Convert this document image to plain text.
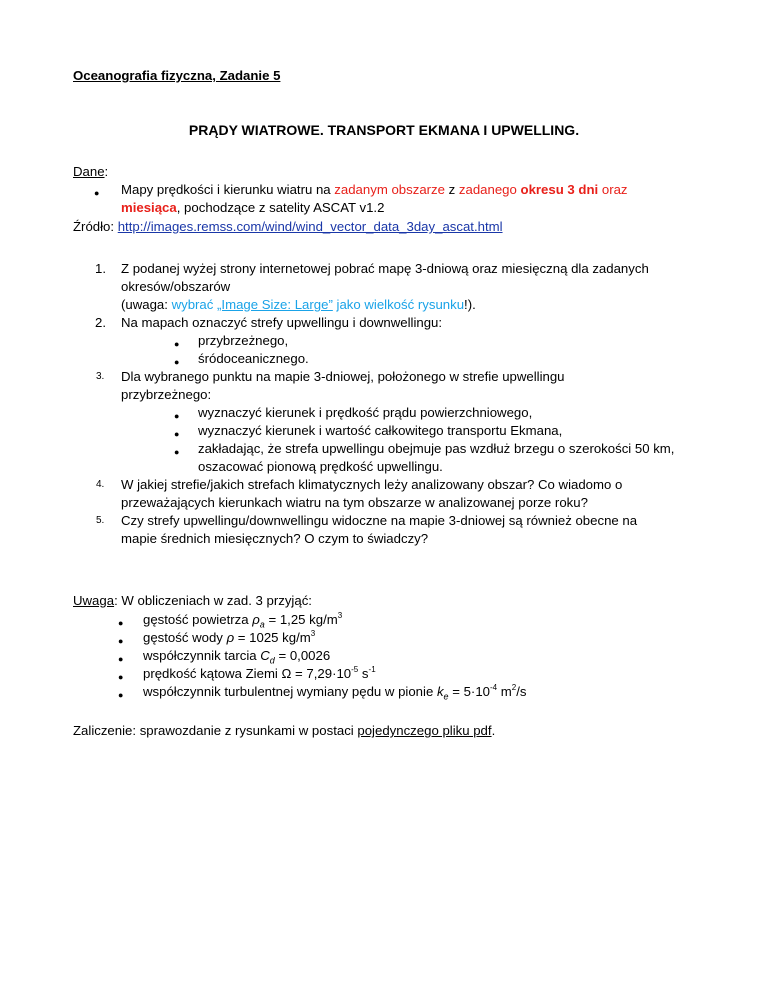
Oceanografia fizyczna, Zadanie 5
PRĄDY WIATROWE. TRANSPORT EKMANA I UPWELLING.
Dane:
● Mapy prędkości i kierunku wiatru na zadanym obszarze z zadanego okresu 3 dni oraz
miesiąca, pochodzące z satelity ASCAT v1.2
Źródło: http://images.remss.com/wind/wind_vector_data_3day_ascat.html
1. Z podanej wyżej strony internetowej pobrać mapę 3-dniową oraz miesięczną dla zadanych
okresów/obszarów
(uwaga: wybrać „Image Size: Large” jako wielkość rysunku!).
2. Na mapach oznaczyć strefy upwellingu i downwellingu:
● przybrzeżnego,
● śródoceanicznego.
3. Dla wybranego punktu na mapie 3-dniowej, położonego w strefie upwellingu
przybrzeżnego:
● wyznaczyć kierunek i prędkość prądu powierzchniowego,
● wyznaczyć kierunek i wartość całkowitego transportu Ekmana,
● zakładając, że strefa upwellingu obejmuje pas wzdłuż brzegu o szerokości 50 km,
oszacować pionową prędkość upwellingu.
4. W jakiej strefie/jakich strefach klimatycznych leży analizowany obszar? Co wiadomo o
przeważających kierunkach wiatru na tym obszarze w analizowanej porze roku?
5. Czy strefy upwellingu/downwellingu widoczne na mapie 3-dniowej są również obecne na
mapie średnich miesięcznych? O czym to świadczy?
Uwaga: W obliczeniach w zad. 3 przyjąć:
● gęstość powietrza $\rho_a = 1,25$ $kg/m^3$
● gęstość wody ρ = 1025 $kg/m^3$
● współczynnik tarcia $C_d = 0,0026$
● prędkość kątowa Ziemi $\Omega = 7,29\cdot 10^{-5}$ $s^{-1}$
● współczynnik turbulentnej wymiany pędu w pionie $k_e = 5\cdot 10^{-4}$ $m^2/s$
Zaliczenie: sprawozdanie z rysunkami w postaci pojedynczego pliku pdf.
